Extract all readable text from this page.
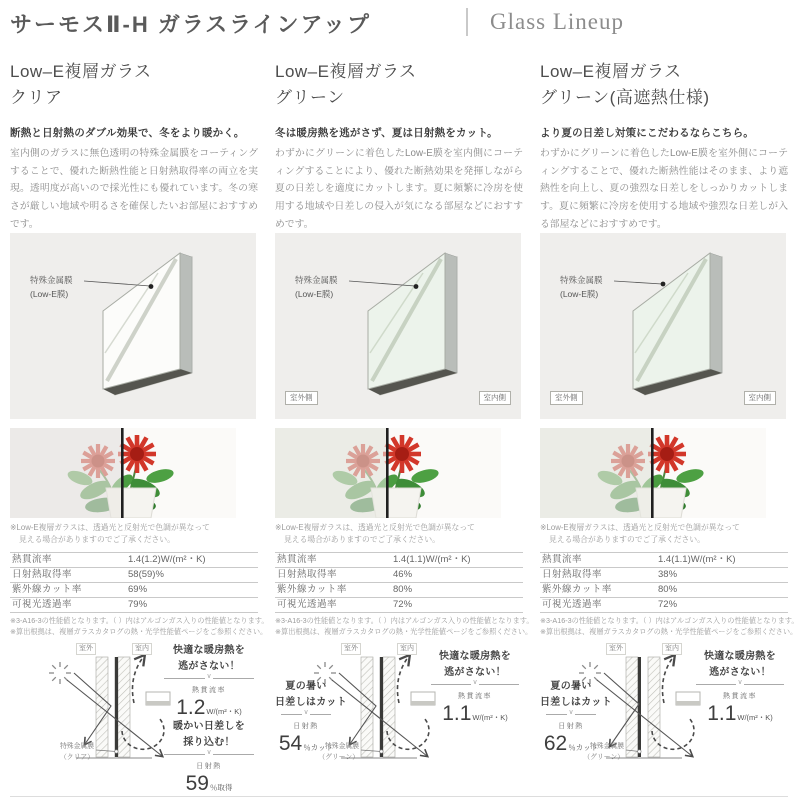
サーモスⅡ-H ガラスラインアップ	Glass Lineup
Low–E複層ガラス
クリア
断熱と日射熱のダブル効果で、冬をより暖かく。
室内側のガラスに無色透明の特殊金属膜をコーティングすることで、優れた断熱性能と日射熱取得率の両立を実現。透明度が高いので採光性にも優れています。冬の寒さが厳しい地域や明るさを確保したいお部屋におすすめです。
特殊金属膜
(Low-E膜)
※Low-E複層ガラスは、透過光と反射光で色調が異なって
見える場合がありますのでご了承ください。
熱貫流率	1.4(1.2)W/(m²・K)
日射熱取得率	58(59)%
紫外線カット率	69%
可視光透過率	79%
※3-A16-3の性能値となります。（ ）内はアルゴンガス入りの性能値となります。
※算出根拠は、複層ガラスカタログの熱・光学性能値ページをご参照ください。
室外	室内
特殊金属膜
（クリア）
快適な暖房熱を
逃がさない！
∨
熱貫流率
1.2W/(m²・K)
暖かい日差しを
採り込む！
∨
日射熱
59％取得
Low–E複層ガラス
グリーン
冬は暖房熱を逃がさず、夏は日射熱をカット。
わずかにグリーンに着色したLow-E膜を室内側にコーティングすることにより、優れた断熱効果を発揮しながら夏の日差しを適度にカットします。夏に頻繁に冷房を使用する地域や日差しの侵入が気になる部屋などにおすすめです。
特殊金属膜
(Low-E膜)
室外側	室内側
※Low-E複層ガラスは、透過光と反射光で色調が異なって
見える場合がありますのでご了承ください。
熱貫流率	1.4(1.1)W/(m²・K)
日射熱取得率	46%
紫外線カット率	80%
可視光透過率	72%
※3-A16-3の性能値となります。（ ）内はアルゴンガス入りの性能値となります。
※算出根拠は、複層ガラスカタログの熱・光学性能値ページをご参照ください。
室外	室内
特殊金属膜
（グリーン）
夏の暑い
日差しはカット
∨
日射熱
54％カット
快適な暖房熱を
逃がさない！
∨
熱貫流率
1.1W/(m²・K)
Low–E複層ガラス
グリーン(高遮熱仕様)
より夏の日差し対策にこだわるならこちら。
わずかにグリーンに着色したLow-E膜を室外側にコーティングすることで、優れた断熱性能はそのまま、より遮熱性を向上し、夏の強烈な日差しをしっかりカットします。夏に頻繁に冷房を使用する地域や強烈な日差しが入る部屋などにおすすめです。
特殊金属膜
(Low-E膜)
室外側	室内側
※Low-E複層ガラスは、透過光と反射光で色調が異なって
見える場合がありますのでご了承ください。
熱貫流率	1.4(1.1)W/(m²・K)
日射熱取得率	38%
紫外線カット率	80%
可視光透過率	72%
※3-A16-3の性能値となります。（ ）内はアルゴンガス入りの性能値となります。
※算出根拠は、複層ガラスカタログの熱・光学性能値ページをご参照ください。
室外	室内
特殊金属膜
（グリーン）
夏の暑い
日差しはカット
∨
日射熱
62％カット
快適な暖房熱を
逃がさない！
∨
熱貫流率
1.1W/(m²・K)
